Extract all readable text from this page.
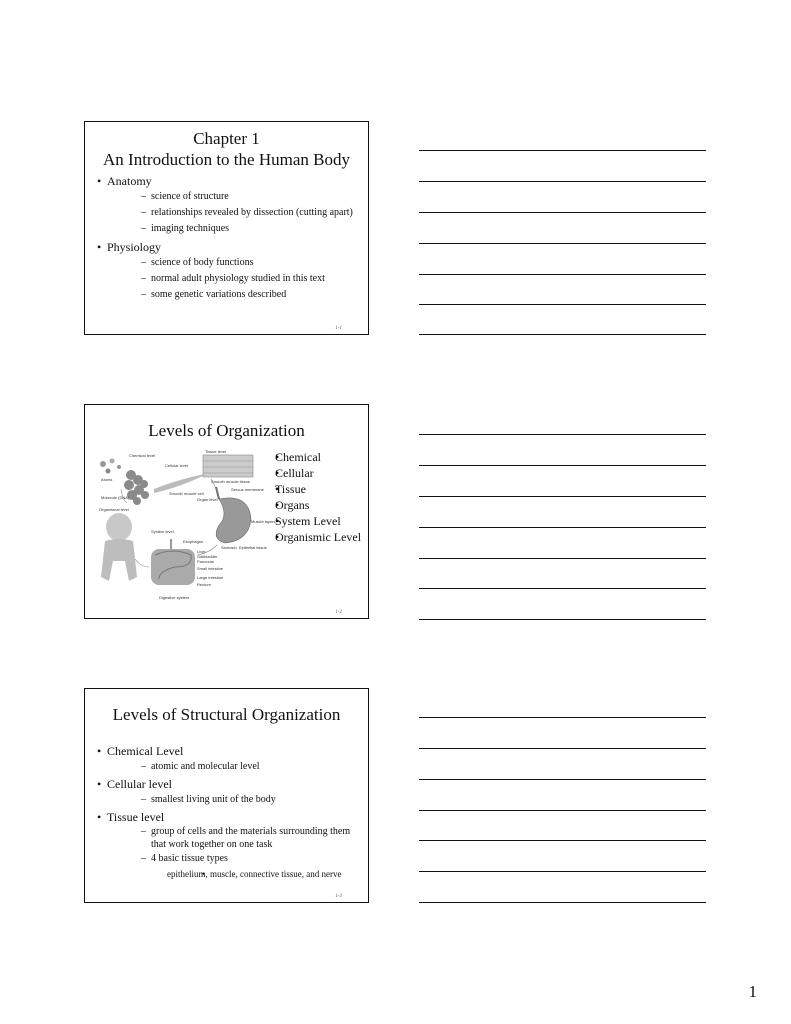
Chapter 1
An Introduction to the Human Body
• Anatomy
– science of structure
– relationships revealed by dissection (cutting apart)
– imaging techniques
• Physiology
– science of body functions
– normal adult physiology studied in this text
– some genetic variations described
1-1
Levels of Organization
Chemical level
Tissue level
Cellular level
Smooth muscle tissue
Smooth muscle cell
Serous membrane
Atoms
Molecule (DNA)	Organ level
Organismal level
System level
Muscle layers
Esophagus
Stomach Epithelial tissue
Liver
Gallbladder
Pancreas
Small intestine
Large intestine
Rectum
Digestive system
• Chemical
• Cellular
• Tissue
• Organs
• System Level
• Organismic Level
1-2
Levels of Structural Organization
• Chemical Level
– atomic and molecular level
• Cellular level
– smallest living unit of the body
• Tissue level
– group of cells and the materials surrounding them that work together on one task
– 4 basic tissue types
• epithelium, muscle, connective tissue, and nerve
1-3
1
